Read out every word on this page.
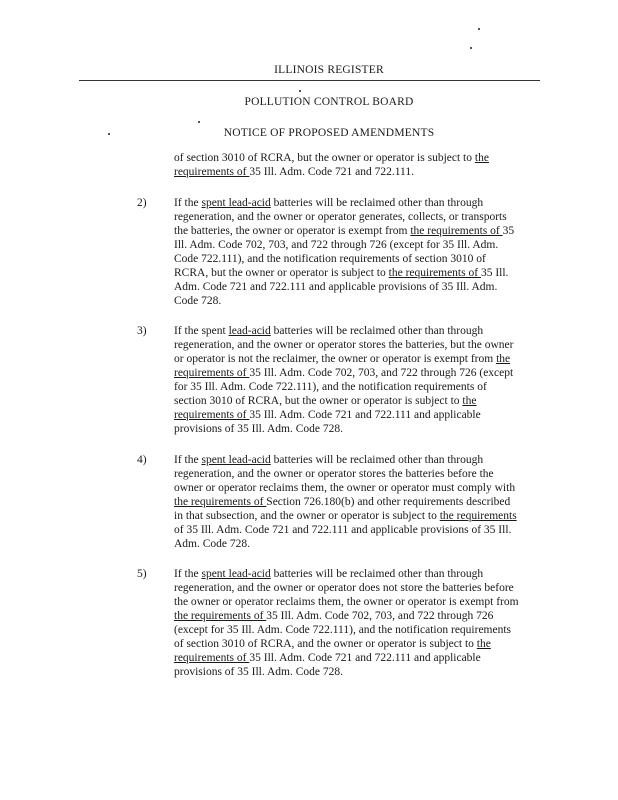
ILLINOIS REGISTER
POLLUTION CONTROL BOARD
NOTICE OF PROPOSED AMENDMENTS
of section 3010 of RCRA, but the owner or operator is subject to the
requirements of 35 Ill. Adm. Code 721 and 722.111.
2) If the spent lead-acid batteries will be reclaimed other than through
regeneration, and the owner or operator generates, collects, or transports
the batteries, the owner or operator is exempt from the requirements of 35
Ill. Adm. Code 702, 703, and 722 through 726 (except for 35 Ill. Adm.
Code 722.111), and the notification requirements of section 3010 of
RCRA, but the owner or operator is subject to the requirements of 35 Ill.
Adm. Code 721 and 722.111 and applicable provisions of 35 Ill. Adm.
Code 728.
3) If the spent lead-acid batteries will be reclaimed other than through
regeneration, and the owner or operator stores the batteries, but the owner
or operator is not the reclaimer, the owner or operator is exempt from the
requirements of 35 Ill. Adm. Code 702, 703, and 722 through 726 (except
for 35 Ill. Adm. Code 722.111), and the notification requirements of
section 3010 of RCRA, but the owner or operator is subject to the
requirements of 35 Ill. Adm. Code 721 and 722.111 and applicable
provisions of 35 Ill. Adm. Code 728.
4) If the spent lead-acid batteries will be reclaimed other than through
regeneration, and the owner or operator stores the batteries before the
owner or operator reclaims them, the owner or operator must comply with
the requirements of Section 726.180(b) and other requirements described
in that subsection, and the owner or operator is subject to the requirements
of 35 Ill. Adm. Code 721 and 722.111 and applicable provisions of 35 Ill.
Adm. Code 728.
5) If the spent lead-acid batteries will be reclaimed other than through
regeneration, and the owner or operator does not store the batteries before
the owner or operator reclaims them, the owner or operator is exempt from
the requirements of 35 Ill. Adm. Code 702, 703, and 722 through 726
(except for 35 Ill. Adm. Code 722.111), and the notification requirements
of section 3010 of RCRA, and the owner or operator is subject to the
requirements of 35 Ill. Adm. Code 721 and 722.111 and applicable
provisions of 35 Ill. Adm. Code 728.
